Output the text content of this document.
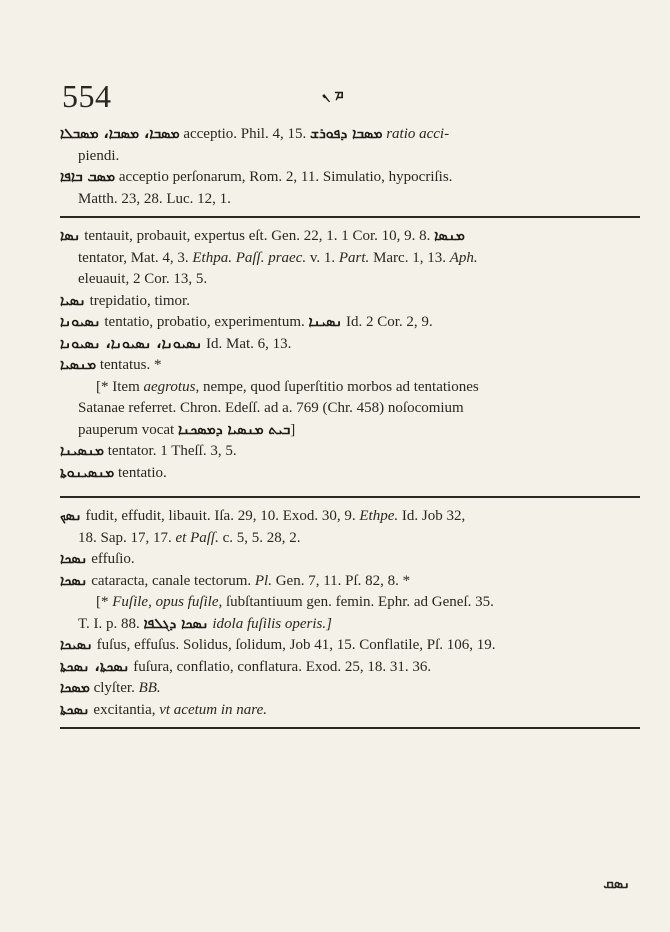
554	ܡ ܢ
ܡܣܒܐ، ܡܣܒܐ، ܡܣܒܠܐ acceptio. Phil. 4, 15. ܡܣܒܐ ܕܦܘܪܫ ratio acci-
piendi.
ܡܣܒ ܒܐܦܐ acceptio perſonarum, Rom. 2, 11. Simulatio, hypocriſis.
Matth. 23, 28. Luc. 12, 1.
ܢܣܐ tentauit, probauit, expertus eſt. Gen. 22, 1. 1 Cor. 10, 9. 8. ܡܢܣܐ
tentator, Mat. 4, 3. Ethpa. Paſſ. praec. v. 1. Part. Marc. 1, 13. Aph.
eleuauit, 2 Cor. 13, 5.
ܢܣܝܐ trepidatio, timor.
ܢܣܝܘܢܐ tentatio, probatio, experimentum. ܢܣܝܢܐ Id. 2 Cor. 2, 9.
ܢܣܝܘܢܐ، ܢܣܝܘܢܐ، ܢܣܝܘܢܐ Id. Mat. 6, 13.
ܡܢܣܝܐ tentatus. *
[* Item aegrotus, nempe, quod ſuperſtitio morbos ad tentationes
Satanae referret. Chron. Edeſſ. ad a. 769 (Chr. 458) noſocomium
pauperum vocat ܒܝܬ ܡܢܣܝܐ ܕܡܣܟܢܐ]
ܡܢܣܝܢܐ tentator. 1 Theſſ. 3, 5.
ܡܢܣܝܢܘܬܐ tentatio.
ܢܣܟ fudit, effudit, libauit. Iſa. 29, 10. Exod. 30, 9. Ethpe. Id. Job 32,
18. Sap. 17, 17. et Paſſ. c. 5, 5. 28, 2.
ܢܣܟܐ effuſio.
ܢܣܟܐ cataracta, canale tectorum. Pl. Gen. 7, 11. Pſ. 82, 8. *
[* Fuſile, opus fuſile, ſubſtantiuum gen. femin. Ephr. ad Geneſ. 35.
T. I. p. 88. ܢܣܟܐ ܕܓܠܦܐ idola fuſilis operis.]
ܢܣܝܟܐ fuſus, effuſus. Solidus, ſolidum, Job 41, 15. Conflatile, Pſ. 106, 19.
ܢܣܟܬܐ، ܢܣܟܬܐ fuſura, conflatio, conflatura. Exod. 25, 18. 31. 36.
ܡܣܟܐ clyſter. BB.
ܢܣܟܬܐ excitantia, vt acetum in nare.
ܢܣܩ
